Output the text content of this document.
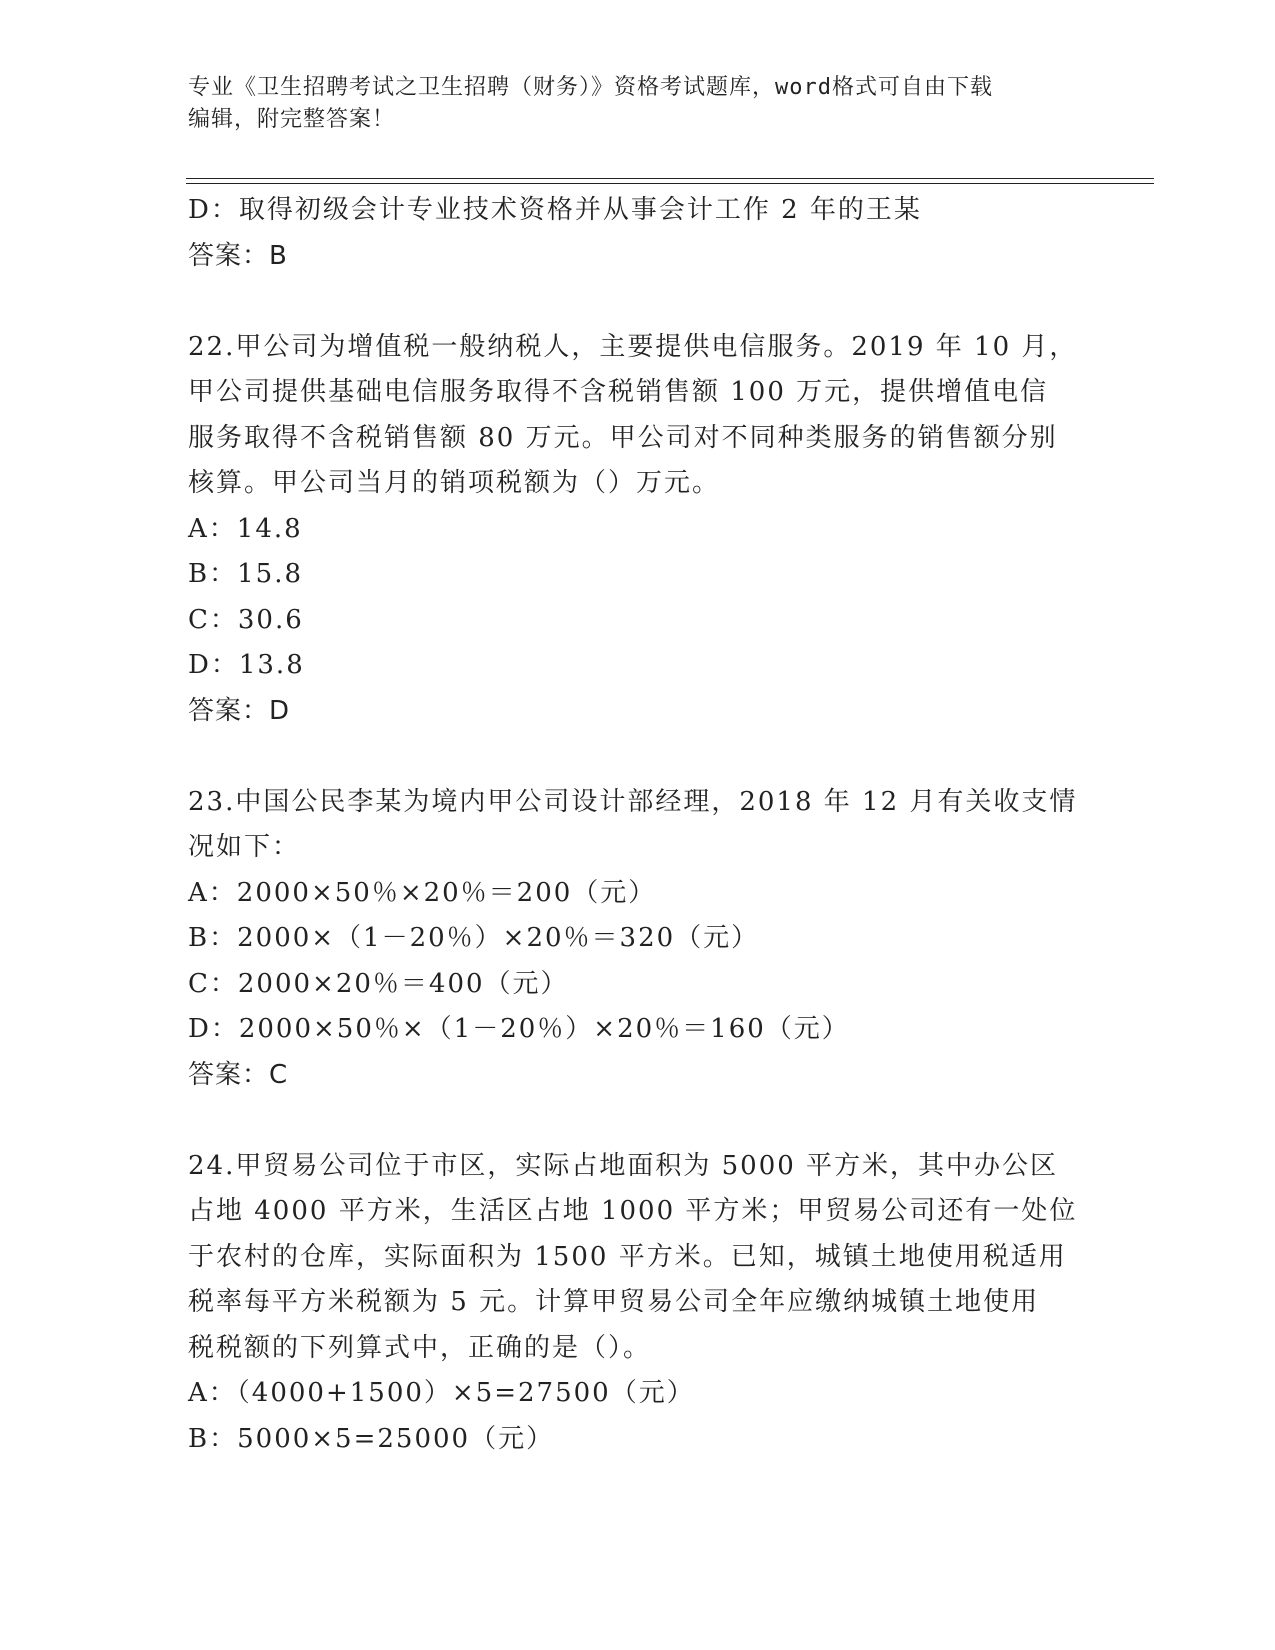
专业《卫生招聘考试之卫生招聘（财务）》资格考试题库，word格式可自由下载
编辑，附完整答案！
D：取得初级会计专业技术资格并从事会计工作 2 年的王某
答案：B
22.甲公司为增值税一般纳税人，主要提供电信服务。2019 年 10 月，
甲公司提供基础电信服务取得不含税销售额 100 万元，提供增值电信
服务取得不含税销售额 80 万元。甲公司对不同种类服务的销售额分别
核算。甲公司当月的销项税额为（）万元。
A：14.8
B：15.8
C：30.6
D：13.8
答案：D
23.中国公民李某为境内甲公司设计部经理，2018 年 12 月有关收支情
况如下：
A：2000×50％×20％＝200（元）
B：2000×（1－20％）×20％＝320（元）
C：2000×20％＝400（元）
D：2000×50％×（1－20％）×20％＝160（元）
答案：C
24.甲贸易公司位于市区，实际占地面积为 5000 平方米，其中办公区
占地 4000 平方米，生活区占地 1000 平方米；甲贸易公司还有一处位
于农村的仓库，实际面积为 1500 平方米。已知，城镇土地使用税适用
税率每平方米税额为 5 元。计算甲贸易公司全年应缴纳城镇土地使用
税税额的下列算式中，正确的是（）。
A：（4000+1500）×5=27500（元）
B：5000×5=25000（元）
